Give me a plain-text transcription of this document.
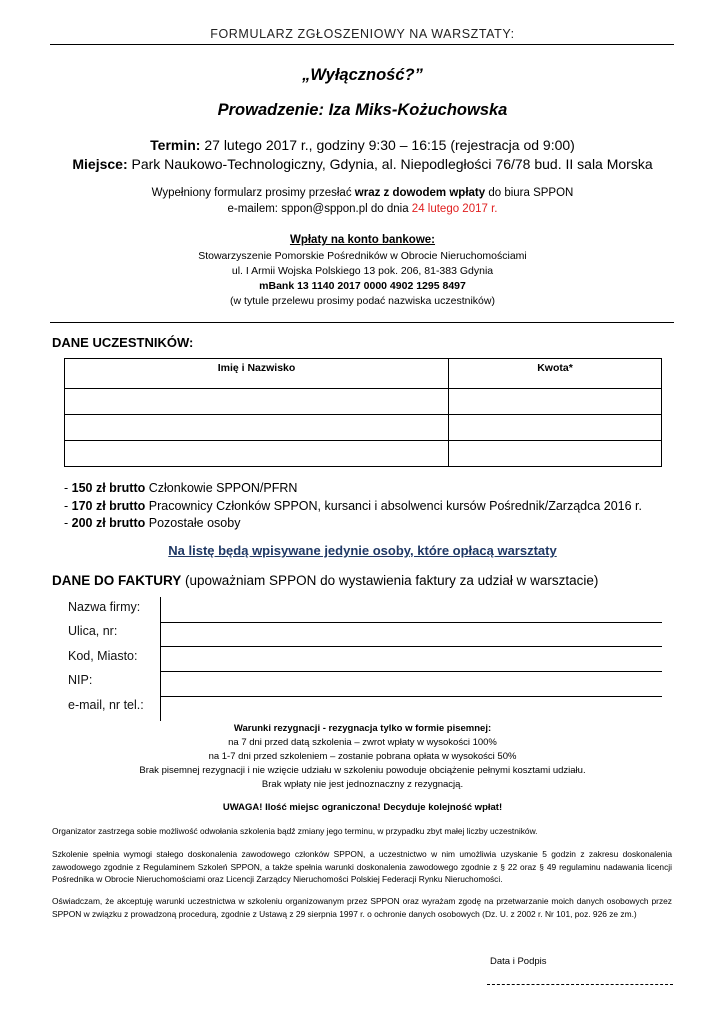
FORMULARZ ZGŁOSZENIOWY NA WARSZTATY:
„Wyłączność?”
Prowadzenie: Iza Miks-Kożuchowska
Termin: 27 lutego 2017 r., godziny 9:30 – 16:15 (rejestracja od 9:00)
Miejsce: Park Naukowo-Technologiczny, Gdynia, al. Niepodległości 76/78 bud. II sala Morska
Wypełniony formularz prosimy przesłać wraz z dowodem wpłaty do biura SPPON
e-mailem: sppon@sppon.pl do dnia 24 lutego 2017 r.
Wpłaty na konto bankowe:
Stowarzyszenie Pomorskie Pośredników w Obrocie Nieruchomościami
ul. I Armii Wojska Polskiego 13 pok. 206, 81-383 Gdynia
mBank 13 1140 2017 0000 4902 1295 8497
(w tytule przelewu prosimy podać nazwiska uczestników)
DANE UCZESTNIKÓW:
Imię i Nazwisko	Kwota*

- 150 zł brutto Członkowie SPPON/PFRN
- 170 zł brutto Pracownicy Członków SPPON, kursanci i absolwenci kursów Pośrednik/Zarządca 2016 r.
- 200 zł brutto Pozostałe osoby
Na listę będą wpisywane jedynie osoby, które opłacą warsztaty
DANE DO FAKTURY (upoważniam SPPON do wystawienia faktury za udział w warsztacie)
Nazwa firmy:
Ulica, nr:
Kod, Miasto:
NIP:
e-mail, nr tel.:
Warunki rezygnacji - rezygnacja tylko w formie pisemnej:
na 7 dni przed datą szkolenia – zwrot wpłaty w wysokości 100%
na 1-7 dni przed szkoleniem – zostanie pobrana opłata w wysokości 50%
Brak pisemnej rezygnacji i nie wzięcie udziału w szkoleniu powoduje obciążenie pełnymi kosztami udziału.
Brak wpłaty nie jest jednoznaczny z rezygnacją.
UWAGA! Ilość miejsc ograniczona! Decyduje kolejność wpłat!
Organizator zastrzega sobie możliwość odwołania szkolenia bądź zmiany jego terminu, w przypadku zbyt małej liczby uczestników.
Szkolenie spełnia wymogi stałego doskonalenia zawodowego członków SPPON, a uczestnictwo w nim umożliwia uzyskanie 5 godzin z zakresu doskonalenia zawodowego zgodnie z Regulaminem Szkoleń SPPON, a także spełnia warunki doskonalenia zawodowego zgodnie z § 22 oraz § 49 regulaminu nadawania licencji Pośrednika w Obrocie Nieruchomościami oraz Licencji Zarządcy Nieruchomości Polskiej Federacji Rynku Nieruchomości.
Oświadczam, że akceptuję warunki uczestnictwa w szkoleniu organizowanym przez SPPON oraz wyrażam zgodę na przetwarzanie moich danych osobowych przez SPPON w związku z prowadzoną procedurą, zgodnie z Ustawą z 29 sierpnia 1997 r. o ochronie danych osobowych (Dz. U. z 2002 r. Nr 101, poz. 926 ze zm.)
Data i Podpis
